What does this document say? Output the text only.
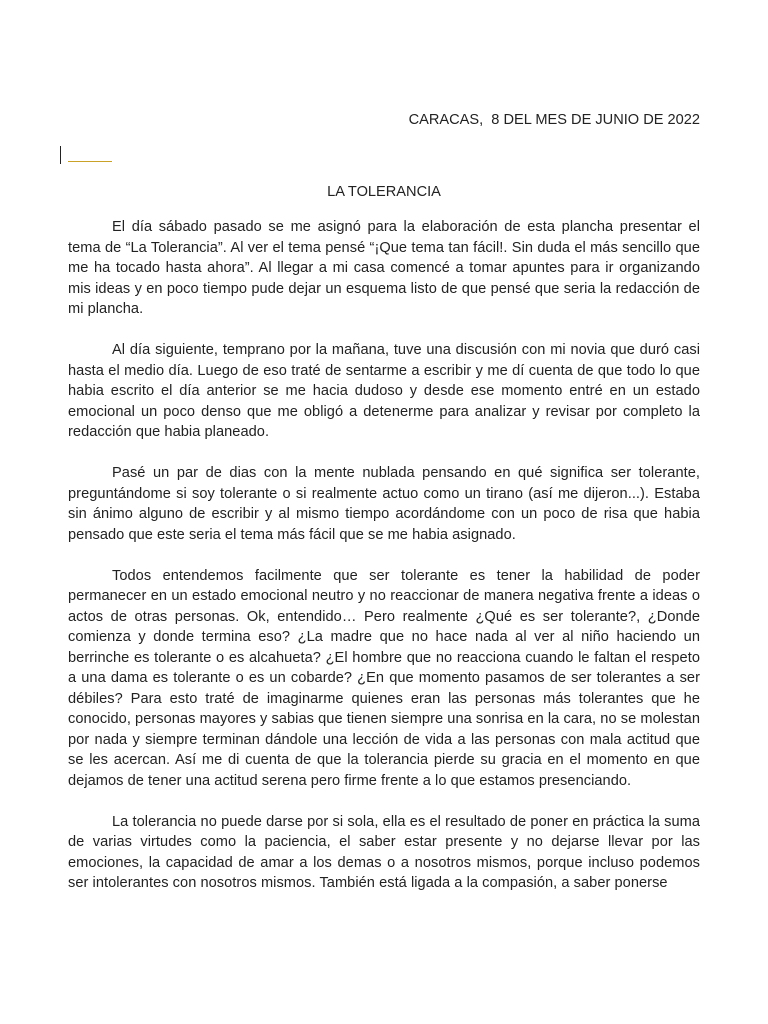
CARACAS,  8 DEL MES DE JUNIO DE 2022
LA TOLERANCIA

El día sábado pasado se me asignó para la elaboración de esta plancha presentar el tema de “La Tolerancia”. Al ver el tema pensé “¡Que tema tan fácil!. Sin duda el más sencillo que me ha tocado hasta ahora”. Al llegar a mi casa comencé a tomar apuntes para ir organizando mis ideas y en poco tiempo pude dejar un esquema listo de que pensé que seria la redacción de mi plancha.

Al día siguiente, temprano por la mañana, tuve una discusión con mi novia que duró casi hasta el medio día. Luego de eso traté de sentarme a escribir y me dí cuenta de que todo lo que habia escrito el día anterior se me hacia dudoso y desde ese momento entré en un estado emocional un poco denso que me obligó a detenerme para analizar y revisar por completo la redacción que habia planeado.

Pasé un par de dias con la mente nublada pensando en qué significa ser tolerante, preguntándome si soy tolerante o si realmente actuo como un tirano (así me dijeron...). Estaba sin ánimo alguno de escribir y al mismo tiempo acordándome con un poco de risa que habia pensado que este seria el tema más fácil que se me habia asignado.

Todos entendemos facilmente que ser tolerante es tener la habilidad de poder permanecer en un estado emocional neutro y no reaccionar de manera negativa frente a ideas o actos de otras personas. Ok, entendido… Pero realmente ¿Qué es ser tolerante?, ¿Donde comienza y donde termina eso? ¿La madre que no hace nada al ver al niño haciendo un berrinche es tolerante o es alcahueta? ¿El hombre que no reacciona cuando le faltan el respeto a una dama es tolerante o es un cobarde? ¿En que momento pasamos de ser tolerantes a ser débiles? Para esto traté de imaginarme quienes eran las personas más tolerantes que he conocido, personas mayores y sabias que tienen siempre una sonrisa en la cara, no se molestan por nada y siempre terminan dándole una lección de vida a las personas con mala actitud que se les acercan. Así me di cuenta de que la tolerancia pierde su gracia en el momento en que dejamos de tener una actitud serena pero firme frente a lo que estamos presenciando.

La tolerancia no puede darse por si sola, ella es el resultado de poner en práctica la suma de varias virtudes como la paciencia, el saber estar presente y no dejarse llevar por las emociones, la capacidad de amar a los demas o a nosotros mismos, porque incluso podemos ser intolerantes con nosotros mismos. También está ligada a la compasión, a saber ponerse
